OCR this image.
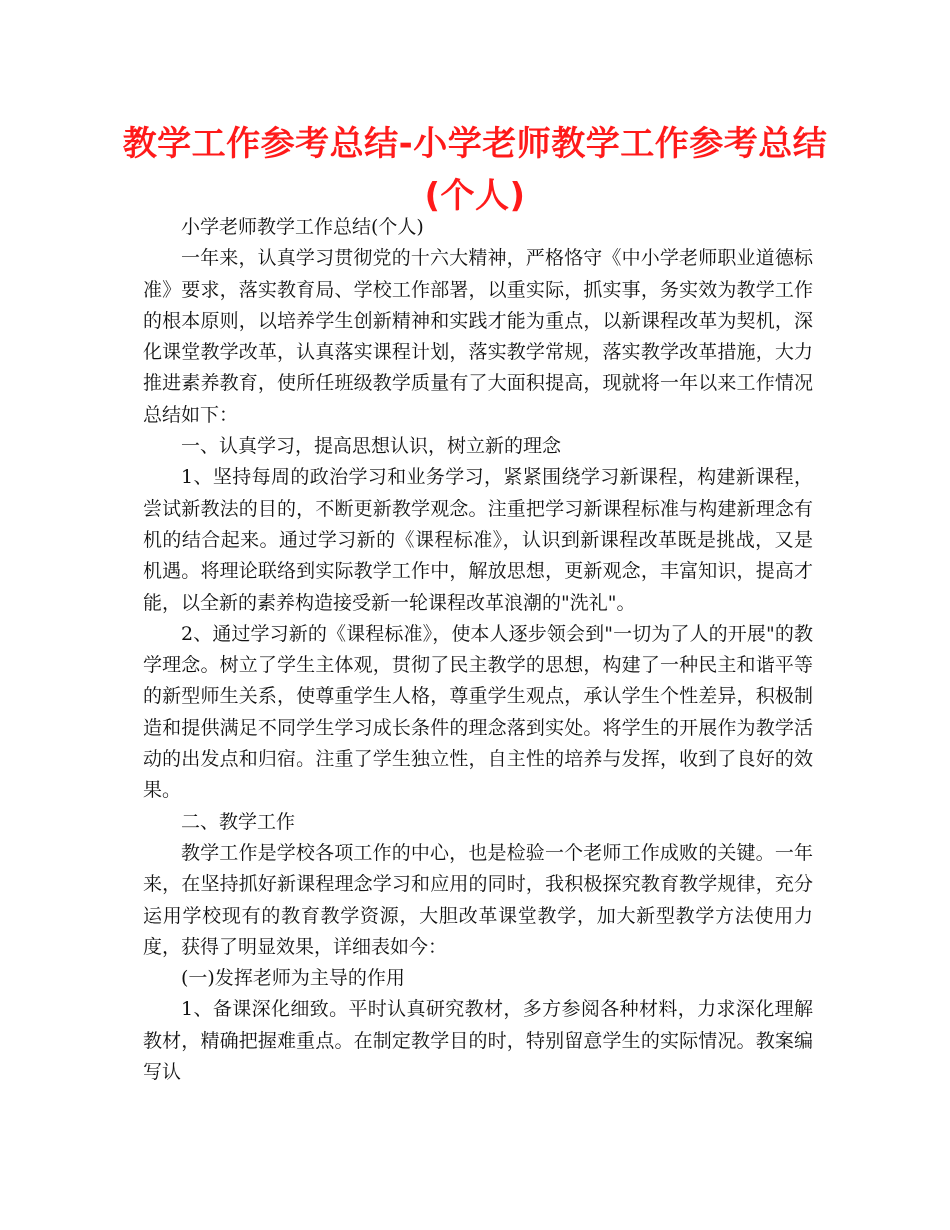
教学工作参考总结-小学老师教学工作参考总结(个人)

小学老师教学工作总结(个人)

一年来，认真学习贯彻党的十六大精神，严格恪守《中小学老师职业道德标准》要求，落实教育局、学校工作部署，以重实际，抓实事，务实效为教学工作的根本原则，以培养学生创新精神和实践才能为重点，以新课程改革为契机，深化课堂教学改革，认真落实课程计划，落实教学常规，落实教学改革措施，大力推进素养教育，使所任班级教学质量有了大面积提高，现就将一年以来工作情况总结如下：

一、认真学习，提高思想认识，树立新的理念

1、坚持每周的政治学习和业务学习，紧紧围绕学习新课程，构建新课程，尝试新教法的目的，不断更新教学观念。注重把学习新课程标准与构建新理念有机的结合起来。通过学习新的《课程标准》，认识到新课程改革既是挑战，又是机遇。将理论联络到实际教学工作中，解放思想，更新观念，丰富知识，提高才能，以全新的素养构造接受新一轮课程改革浪潮的"洗礼"。

2、通过学习新的《课程标准》，使本人逐步领会到"一切为了人的开展"的教学理念。树立了学生主体观，贯彻了民主教学的思想，构建了一种民主和谐平等的新型师生关系，使尊重学生人格，尊重学生观点，承认学生个性差异，积极制造和提供满足不同学生学习成长条件的理念落到实处。将学生的开展作为教学活动的出发点和归宿。注重了学生独立性，自主性的培养与发挥，收到了良好的效果。

二、教学工作

教学工作是学校各项工作的中心，也是检验一个老师工作成败的关键。一年来，在坚持抓好新课程理念学习和应用的同时，我积极探究教育教学规律，充分运用学校现有的教育教学资源，大胆改革课堂教学，加大新型教学方法使用力度，获得了明显效果，详细表如今：

(一)发挥老师为主导的作用

1、备课深化细致。平时认真研究教材，多方参阅各种材料，力求深化理解教材，精确把握难重点。在制定教学目的时，特别留意学生的实际情况。教案编写认
